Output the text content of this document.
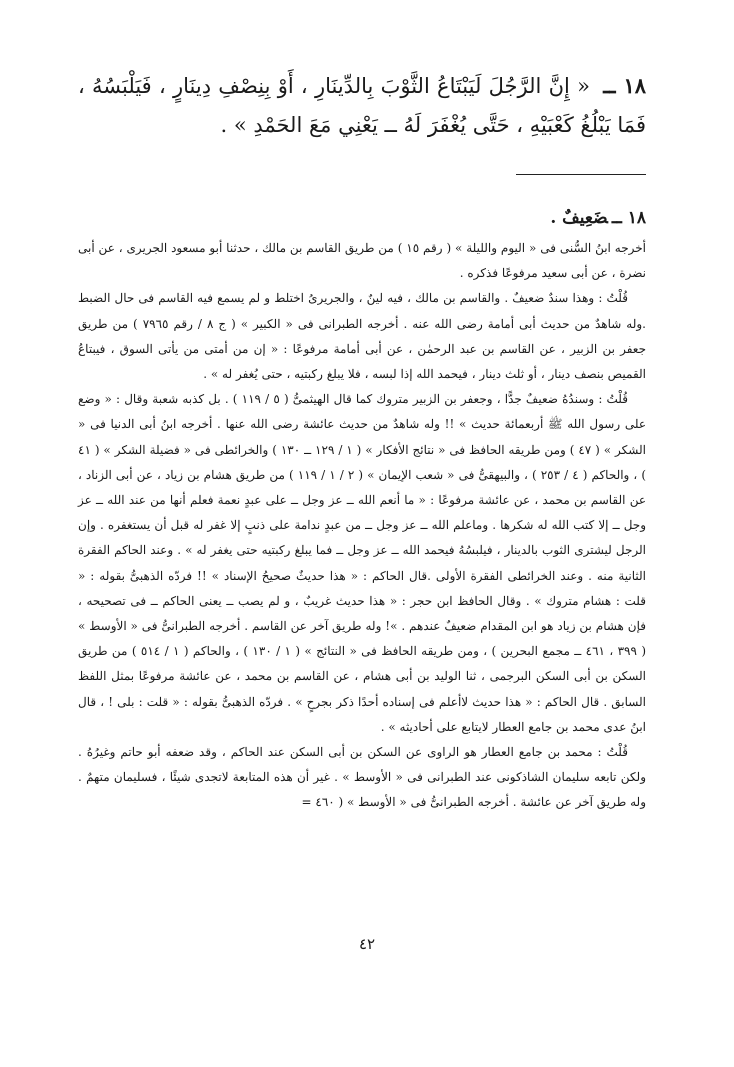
١٨ ــ « إِنَّ الرَّجُلَ لَيَبْتَاعُ الثَّوْبَ بِالدِّينَارِ ، أَوْ بِنِصْفِ دِينَارٍ ، فَيَلْبَسُهُ ، فَمَا يَبْلُغُ كَعْبَيْهِ ، حَتَّى يُغْفَرَ لَهُ ــ يَعْنِي مَعَ الحَمْدِ » .
١٨ ــضَعِيفٌ .

أخرجه ابنُ السُّنى فى « اليوم والليلة » ( رقم ١٥ ) من طريق القاسم بن مالك ، حدثنا أبو مسعود الجريرى ، عن أبى نضرة ، عن أبى سعيد مرفوعًا فذكره .

قُلْتُ : وهذا سندٌ ضعيفٌ . والقاسم بن مالك ، فيه لينٌ ، والجريرىُ اختلط و لم يسمع فيه القاسم فى حال الضبط .وله شاهدٌ من حديث أبى أمامة رضى الله عنه . أخرجه الطبرانى فى « الكبير » ( ج ٨ / رقم ٧٩٦٥ ) من طريق جعفر بن الزبير ، عن القاسم بن عبد الرحمٰن ، عن أبى أمامة مرفوعًا : « إن من أمتى من يأتى السوق ، فيبتاعُ القميص بنصف دينار ، أو ثلث دينار ، فيحمد الله إذا لبسه ، فلا يبلغ ركبتيه ، حتى يُغفر له » .

قُلْتُ : وسندُهُ ضعيفٌ جدًّا ، وجعفر بن الزبير متروك كما قال الهيثمىُّ ( ٥ / ١١٩ ) . بل كذبه شعبة وقال : « وضع على رسول الله ﷺ أربعمائة حديث » !! وله شاهدٌ من حديث عائشة رضى الله عنها . أخرجه ابنُ أبى الدنيا فى « الشكر » ( ٤٧ ) ومن طريقه الحافظ فى « نتائج الأفكار » ( ١ / ١٢٩ ــ ١٣٠ ) والخرائطى فى « فضيلة الشكر » ( ٤١ ) ، والحاكم ( ٤ / ٢٥٣ ) ، والبيهقىُّ فى « شعب الإيمان » ( ٢ / ١ / ١١٩ ) من طريق هشام بن زياد ، عن أبى الزناد ، عن القاسم بن محمد ، عن عائشة مرفوعًا : « ما أنعم الله ــ عز وجل ــ على عبدٍ نعمة فعلم أنها من عند الله ــ عز وجل ــ إلا كتب الله له شكرها . وماعلم الله ــ عز وجل ــ من عبدٍ ندامة على ذنبٍ إلا غفر له قبل أن يستغفره . وإن الرجل ليشترى الثوب بالدينار ، فيلبسُهُ فيحمد الله ــ عز وجل ــ فما يبلغ ركبتيه حتى يغفر له » . وعند الحاكم الفقرة الثانية منه . وعند الخرائطى الفقرة الأولى .قال الحاكم : « هذا حديثٌ صحيحُ الإسناد » !! فردّه الذهبىُّ بقوله : « قلت : هشام متروك » . وقال الحافظ ابن حجر : « هذا حديث غريبٌ ، و لم يصب ــ يعنى الحاكم ــ فى تصحيحه ، فإن هشام بن زياد هو ابن المقدام ضعيفٌ عندهم . »! وله طريق آخر عن القاسم . أخرجه الطبرانىُّ فى « الأوسط » ( ٣٩٩ ، ٤٦١ ــ مجمع البحرين ) ، ومن طريقه الحافظ فى « النتائج » ( ١ / ١٣٠ ) ، والحاكم ( ١ / ٥١٤ ) من طريق السكن بن أبى السكن البرجمى ، ثنا الوليد بن أبى هشام ، عن القاسم بن محمد ، عن عائشة مرفوعًا بمثل اللفظ السابق . قال الحاكم : « هذا حديث لاأعلم فى إسناده أحدًا ذكر بجرحٍ » . فردّه الذهبىُّ بقوله : « قلت : بلى ! ، قال ابنُ عدى محمد بن جامع العطار لايتابع على أحاديثه » .

قُلْتُ : محمد بن جامع العطار هو الراوى عن السكن بن أبى السكن عند الحاكم ، وقد ضعفه أبو حاتم وغيرُهُ . ولكن تابعه سليمان الشاذكونى عند الطبرانى فى « الأوسط » . غير أن هذه المتابعة لاتجدى شيئًا ، فسليمان متهمٌ . وله طريق آخر عن عائشة . أخرجه الطبرانىُّ فى « الأوسط » ( ٤٦٠ =

٤٢
